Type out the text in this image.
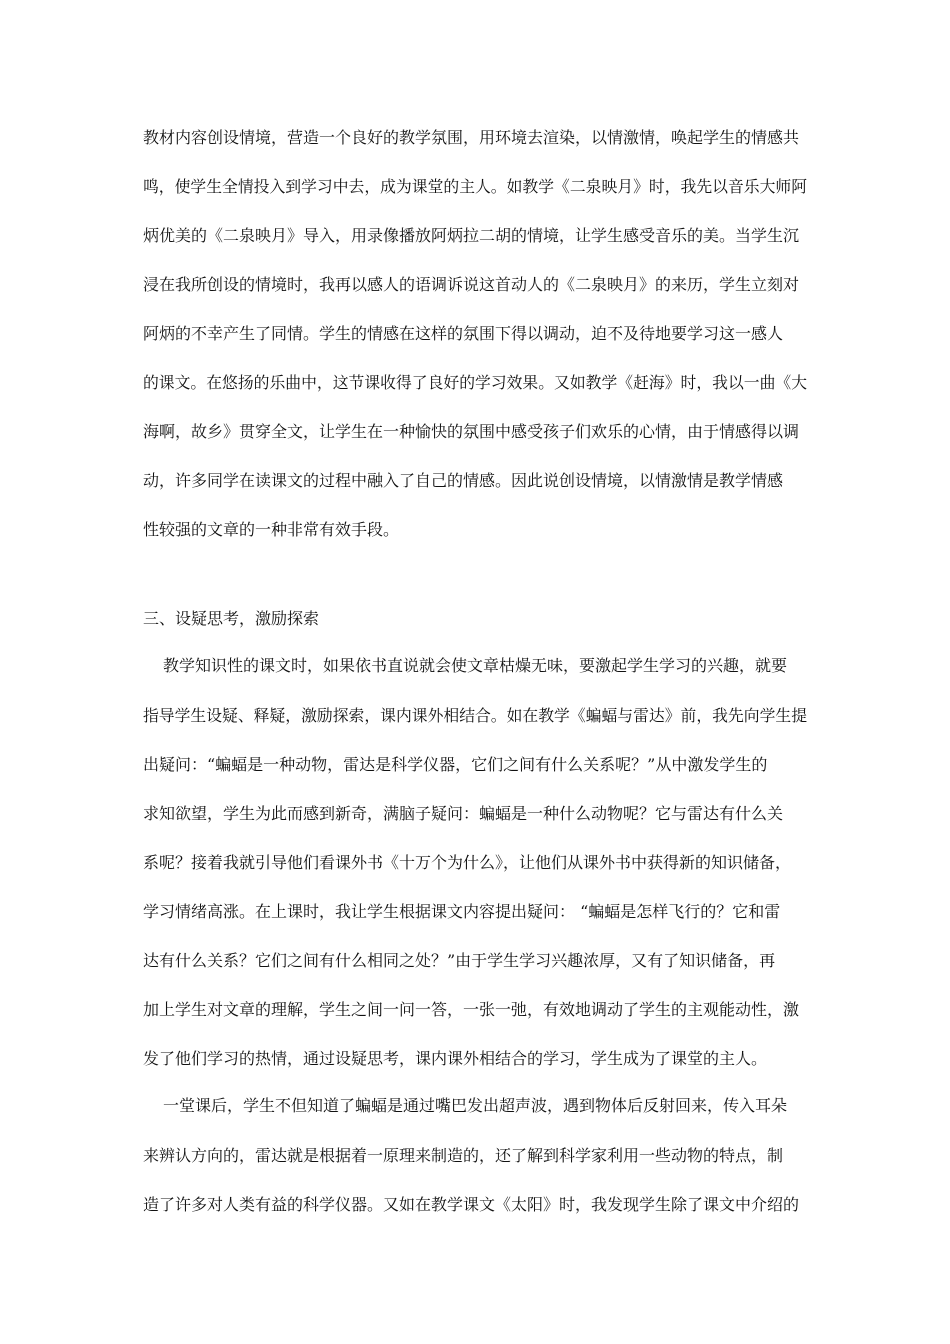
教材内容创设情境，营造一个良好的教学氛围，用环境去渲染，以情激情，唤起学生的情感共
鸣，使学生全情投入到学习中去，成为课堂的主人。如教学《二泉映月》时，我先以音乐大师阿
炳优美的《二泉映月》导入，用录像播放阿炳拉二胡的情境，让学生感受音乐的美。当学生沉
浸在我所创设的情境时，我再以感人的语调诉说这首动人的《二泉映月》的来历，学生立刻对
阿炳的不幸产生了同情。学生的情感在这样的氛围下得以调动，迫不及待地要学习这一感人
的课文。在悠扬的乐曲中，这节课收得了良好的学习效果。又如教学《赶海》时，我以一曲《大
海啊，故乡》贯穿全文，让学生在一种愉快的氛围中感受孩子们欢乐的心情，由于情感得以调
动，许多同学在读课文的过程中融入了自己的情感。因此说创设情境，以情激情是教学情感
性较强的文章的一种非常有效手段。
三、设疑思考，激励探索
教学知识性的课文时，如果依书直说就会使文章枯燥无味，要激起学生学习的兴趣，就要
指导学生设疑、释疑，激励探索，课内课外相结合。如在教学《蝙蝠与雷达》前，我先向学生提
出疑问：“蝙蝠是一种动物，雷达是科学仪器，它们之间有什么关系呢？”从中激发学生的
求知欲望，学生为此而感到新奇，满脑子疑问：蝙蝠是一种什么动物呢？它与雷达有什么关
系呢？接着我就引导他们看课外书《十万个为什么》，让他们从课外书中获得新的知识储备，
学习情绪高涨。在上课时，我让学生根据课文内容提出疑问： “蝙蝠是怎样飞行的？它和雷
达有什么关系？它们之间有什么相同之处？”由于学生学习兴趣浓厚，又有了知识储备，再
加上学生对文章的理解，学生之间一问一答，一张一弛，有效地调动了学生的主观能动性，激
发了他们学习的热情，通过设疑思考，课内课外相结合的学习，学生成为了课堂的主人。
一堂课后，学生不但知道了蝙蝠是通过嘴巴发出超声波，遇到物体后反射回来，传入耳朵
来辨认方向的，雷达就是根据着一原理来制造的，还了解到科学家利用一些动物的特点，制
造了许多对人类有益的科学仪器。又如在教学课文《太阳》时，我发现学生除了课文中介绍的
